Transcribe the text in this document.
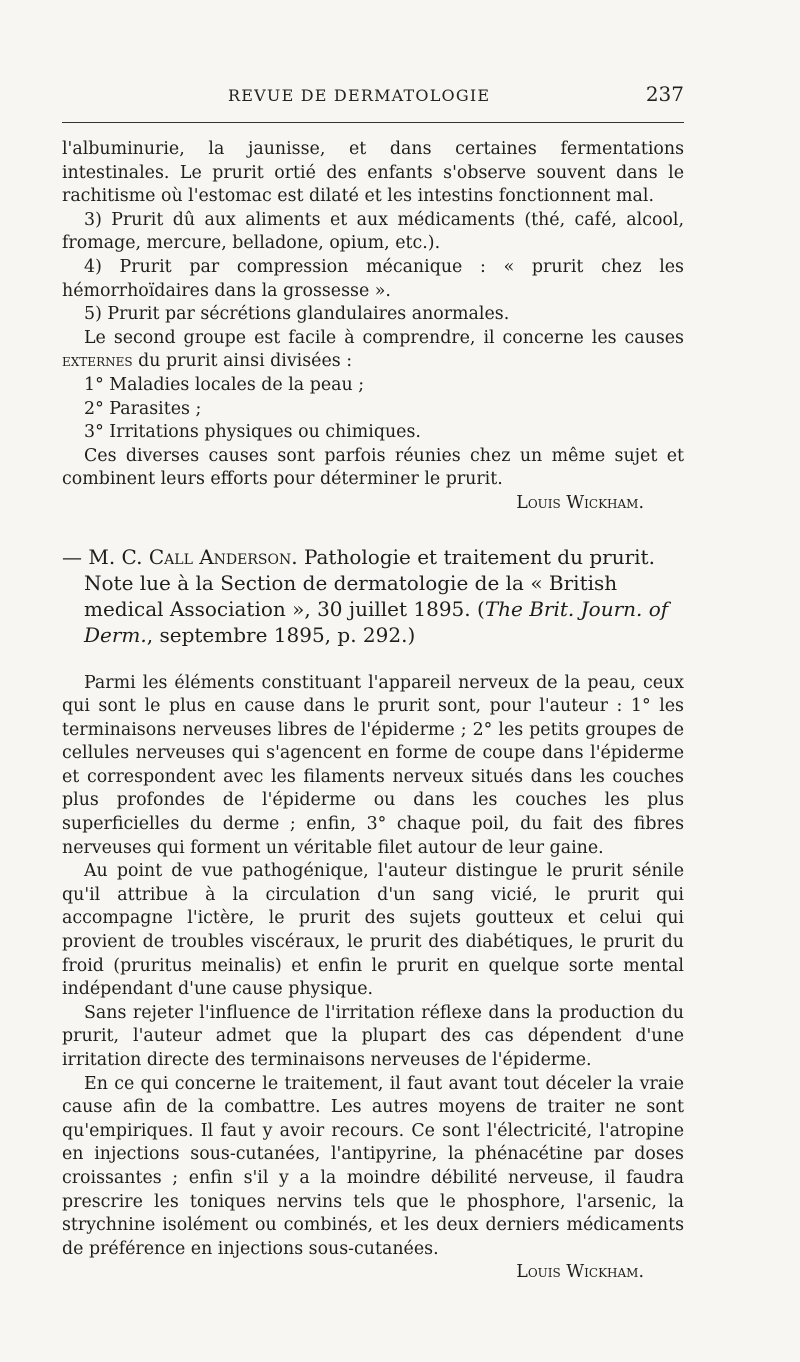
REVUE DE DERMATOLOGIE	237

l'albuminurie, la jaunisse, et dans certaines fermentations intestinales. Le prurit ortié des enfants s'observe souvent dans le rachitisme où l'estomac est dilaté et les intestins fonctionnent mal.

3) Prurit dû aux aliments et aux médicaments (thé, café, alcool, fromage, mercure, belladone, opium, etc.).

4) Prurit par compression mécanique : « prurit chez les hémorrhoïdaires dans la grossesse ».

5) Prurit par sécrétions glandulaires anormales.

Le second groupe est facile à comprendre, il concerne les causes externes du prurit ainsi divisées :

1° Maladies locales de la peau ;

2° Parasites ;

3° Irritations physiques ou chimiques.

Ces diverses causes sont parfois réunies chez un même sujet et combinent leurs efforts pour déterminer le prurit.
Louis Wickham.

— M. C. Call Anderson. Pathologie et traitement du prurit. Note lue à la Section de dermatologie de la « British medical Association », 30 juillet 1895. (The Brit. Journ. of Derm., septembre 1895, p. 292.)

Parmi les éléments constituant l'appareil nerveux de la peau, ceux qui sont le plus en cause dans le prurit sont, pour l'auteur : 1° les terminaisons nerveuses libres de l'épiderme ; 2° les petits groupes de cellules nerveuses qui s'agencent en forme de coupe dans l'épiderme et correspondent avec les filaments nerveux situés dans les couches plus profondes de l'épiderme ou dans les couches les plus superficielles du derme ; enfin, 3° chaque poil, du fait des fibres nerveuses qui forment un véritable filet autour de leur gaine.

Au point de vue pathogénique, l'auteur distingue le prurit sénile qu'il attribue à la circulation d'un sang vicié, le prurit qui accompagne l'ictère, le prurit des sujets goutteux et celui qui provient de troubles viscéraux, le prurit des diabétiques, le prurit du froid (pruritus meinalis) et enfin le prurit en quelque sorte mental indépendant d'une cause physique.

Sans rejeter l'influence de l'irritation réflexe dans la production du prurit, l'auteur admet que la plupart des cas dépendent d'une irritation directe des terminaisons nerveuses de l'épiderme.

En ce qui concerne le traitement, il faut avant tout déceler la vraie cause afin de la combattre. Les autres moyens de traiter ne sont qu'empiriques. Il faut y avoir recours. Ce sont l'électricité, l'atropine en injections sous-cutanées, l'antipyrine, la phénacétine par doses croissantes ; enfin s'il y a la moindre débilité nerveuse, il faudra prescrire les toniques nervins tels que le phosphore, l'arsenic, la strychnine isolément ou combinés, et les deux derniers médicaments de préférence en injections sous-cutanées.

Louis Wickham.
